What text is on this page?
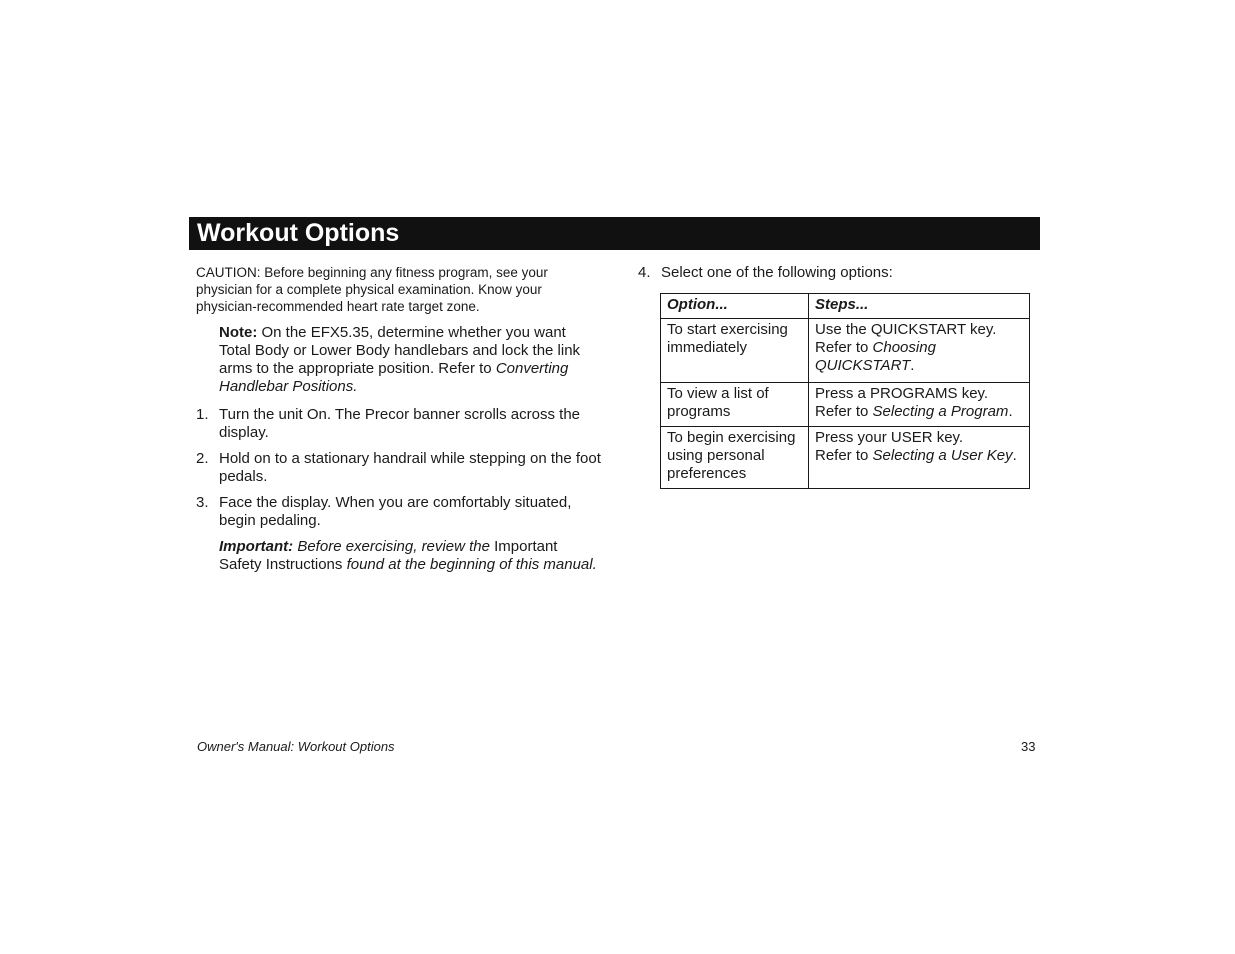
Workout Options

CAUTION: Before beginning any fitness program, see your physician for a complete physical examination. Know your physician-recommended heart rate target zone.

Note: On the EFX5.35, determine whether you want Total Body or Lower Body handlebars and lock the link arms to the appropriate position. Refer to Converting Handlebar Positions.

1. Turn the unit On. The Precor banner scrolls across the display.
2. Hold on to a stationary handrail while stepping on the foot pedals.
3. Face the display. When you are comfortably situated, begin pedaling.

Important: Before exercising, review the Important Safety Instructions found at the beginning of this manual.

4. Select one of the following options:
Option...	Steps...
To start exercising immediately	Use the QUICKSTART key.
Refer to Choosing QUICKSTART.
To view a list of programs	Press a PROGRAMS key.
Refer to Selecting a Program.
To begin exercising using personal preferences	Press your USER key.
Refer to Selecting a User Key.
Owner's Manual: Workout Options	33
